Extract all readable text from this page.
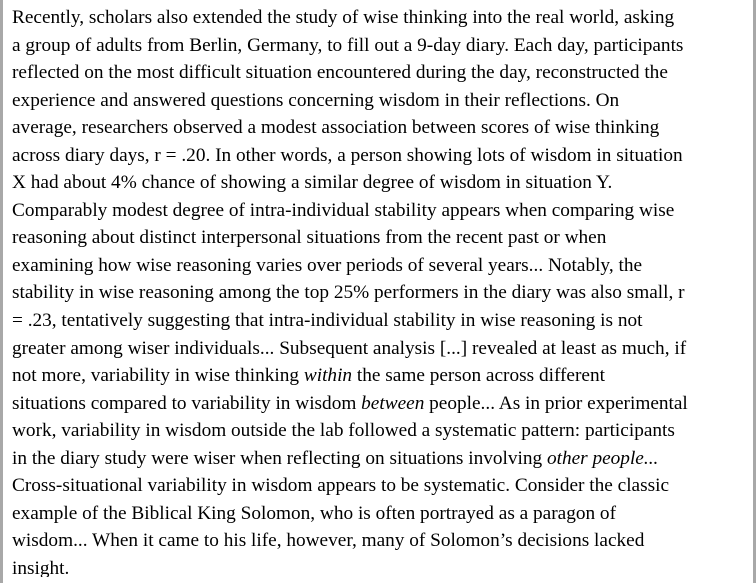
Recently, scholars also extended the study of wise thinking into the real world, asking
a group of adults from Berlin, Germany, to fill out a 9-day diary. Each day, participants
reflected on the most difficult situation encountered during the day, reconstructed the
experience and answered questions concerning wisdom in their reflections. On
average, researchers observed a modest association between scores of wise thinking
across diary days, r = .20. In other words, a person showing lots of wisdom in situation
X had about 4% chance of showing a similar degree of wisdom in situation Y.
Comparably modest degree of intra-individual stability appears when comparing wise
reasoning about distinct interpersonal situations from the recent past or when
examining how wise reasoning varies over periods of several years... Notably, the
stability in wise reasoning among the top 25% performers in the diary was also small, r
= .23, tentatively suggesting that intra-individual stability in wise reasoning is not
greater among wiser individuals... Subsequent analysis [...] revealed at least as much, if
not more, variability in wise thinking within the same person across different
situations compared to variability in wisdom between people... As in prior experimental
work, variability in wisdom outside the lab followed a systematic pattern: participants
in the diary study were wiser when reflecting on situations involving other people...
Cross-situational variability in wisdom appears to be systematic. Consider the classic
example of the Biblical King Solomon, who is often portrayed as a paragon of
wisdom... When it came to his life, however, many of Solomon’s decisions lacked
insight.
